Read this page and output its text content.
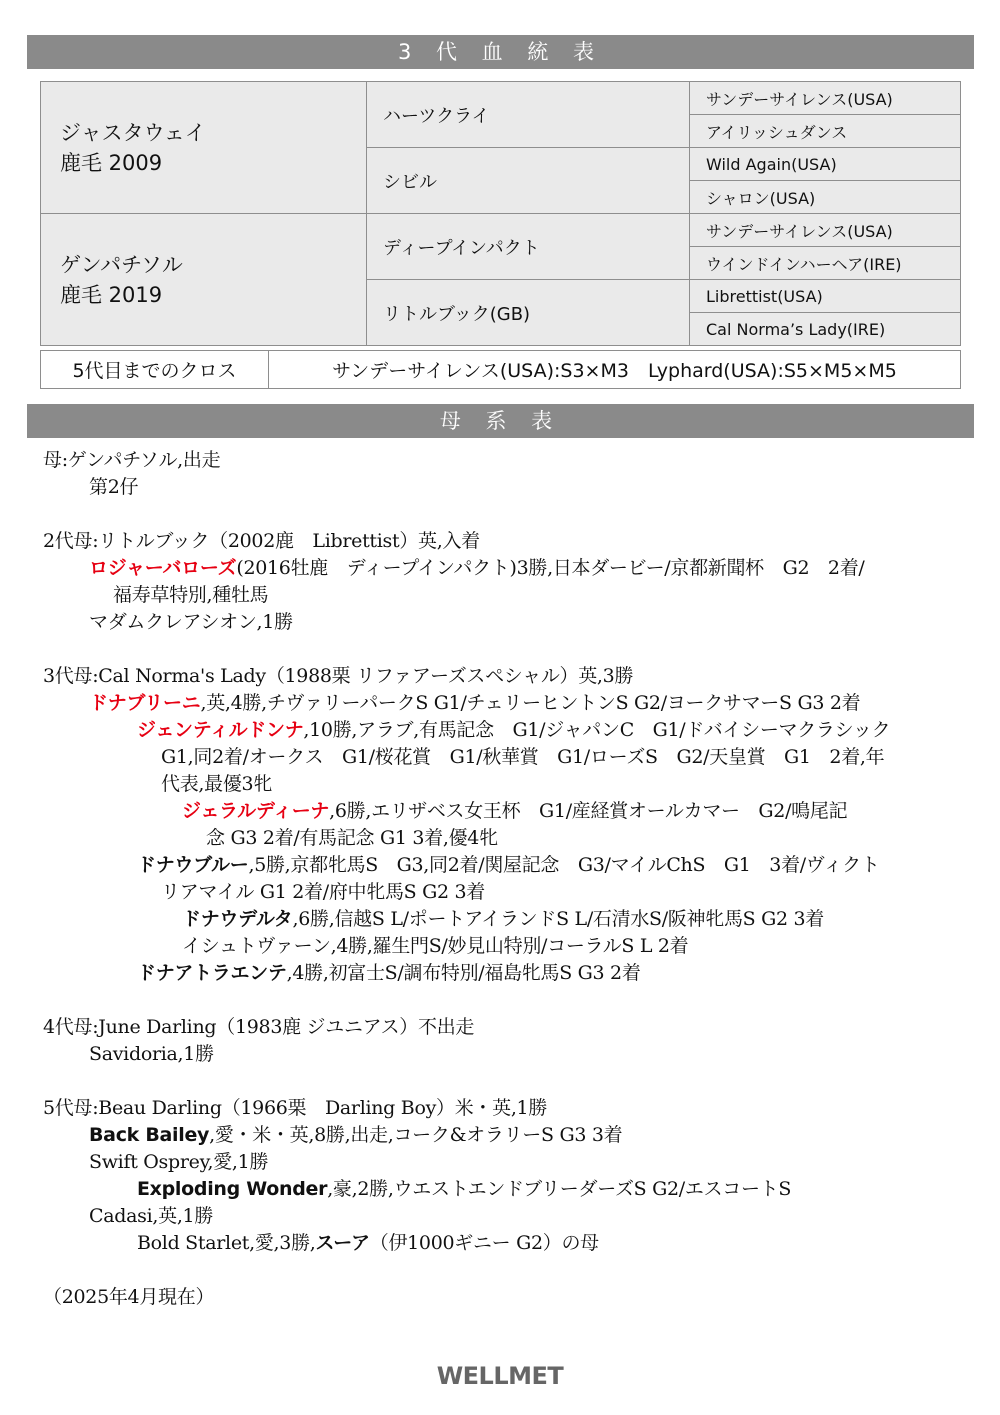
3 代 血 統 表
ジャスタウェイ
鹿毛 2009	ハーツクライ	サンデーサイレンス(USA)
		アイリッシュダンス
	シビル	Wild Again(USA)
		シャロン(USA)

ゲンパチソル
鹿毛 2019	ディープインパクト	サンデーサイレンス(USA)
		ウインドインハーヘア(IRE)
	リトルブック(GB)	Librettist(USA)
		Cal Norma’s Lady(IRE)
5代目までのクロス	サンデーサイレンス(USA):S3×M3　Lyphard(USA):S5×M5×M5
母 系 表
母:ゲンパチソル,出走
第2仔
2代母:リトルブック（2002鹿　Librettist）英,入着
ロジャーバローズ(2016牡鹿　ディープインパクト)3勝,日本ダービー/京都新聞杯　G2　2着/
福寿草特別,種牡馬
マダムクレアシオン,1勝
3代母:Cal Norma's Lady（1988栗 リファアーズスペシャル）英,3勝
ドナブリーニ,英,4勝,チヴァリーパークS G1/チェリーヒントンS G2/ヨークサマーS G3 2着
ジェンティルドンナ,10勝,アラブ,有馬記念　G1/ジャパンC　G1/ドバイシーマクラシック
G1,同2着/オークス　G1/桜花賞　G1/秋華賞　G1/ローズS　G2/天皇賞　G1　2着,年
代表,最優3牝
ジェラルディーナ,6勝,エリザベス女王杯　G1/産経賞オールカマー　G2/鳴尾記
念 G3 2着/有馬記念 G1 3着,優4牝
ドナウブルー,5勝,京都牝馬S　G3,同2着/関屋記念　G3/マイルChS　G1　3着/ヴィクト
リアマイル G1 2着/府中牝馬S G2 3着
ドナウデルタ,6勝,信越S L/ポートアイランドS L/石清水S/阪神牝馬S G2 3着
イシュトヴァーン,4勝,羅生門S/妙見山特別/コーラルS L 2着
ドナアトラエンテ,4勝,初富士S/調布特別/福島牝馬S G3 2着
4代母:June Darling（1983鹿 ジユニアス）不出走
Savidoria,1勝
5代母:Beau Darling（1966栗　Darling Boy）米・英,1勝
Back Bailey,愛・米・英,8勝,出走,コーク&オラリーS G3 3着
Swift Osprey,愛,1勝
Exploding Wonder,豪,2勝,ウエストエンドブリーダーズS G2/エスコートS
Cadasi,英,1勝
Bold Starlet,愛,3勝,スーア（伊1000ギニー G2）の母
（2025年4月現在）
WELLMET
